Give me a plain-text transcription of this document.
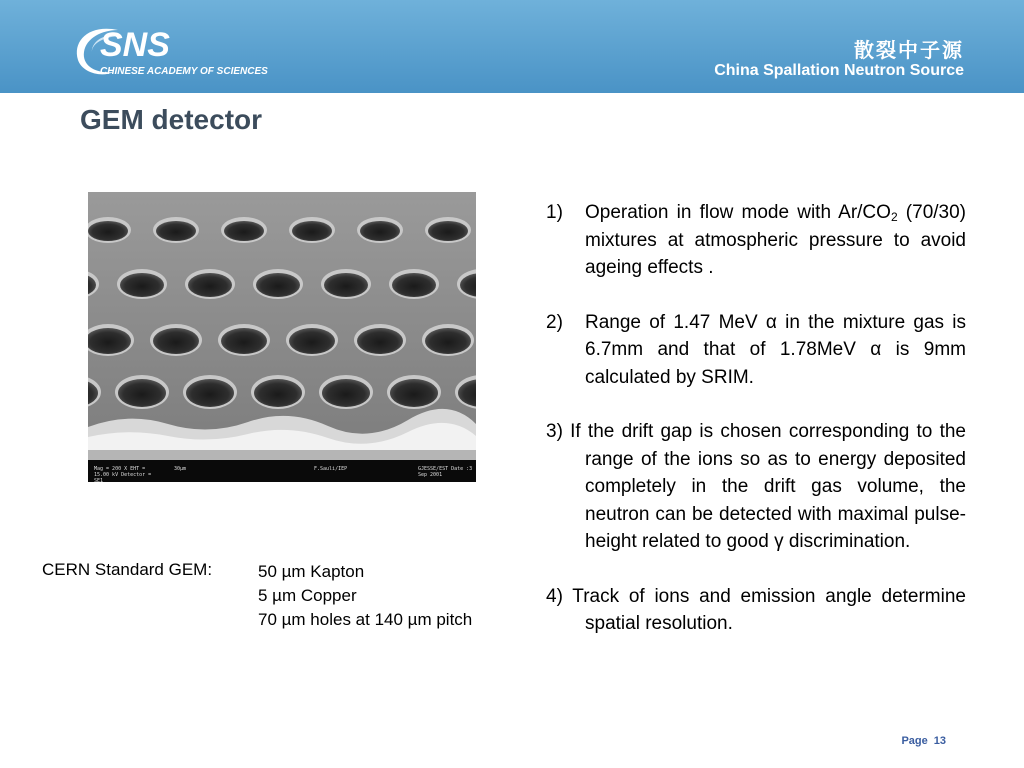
SNS
CHINESE ACADEMY OF SCIENCES
散裂中子源
China Spallation Neutron Source
GEM detector
Mag = 200 X EHT = 15.00 kV Detector = SE1
30µm	F.Sauli/IEP	GJESSE/EST Date :3 Sep 2001
CERN Standard GEM:	50 µm Kapton
5 µm Copper
70 µm holes at 140 µm pitch
1) Operation in flow mode with $Ar/CO_2$ (70/30) mixtures at atmospheric pressure to avoid ageing effects .
2) Range of 1.47 MeV α in the mixture gas is 6.7mm and that of 1.78MeV α is 9mm calculated by SRIM.
3) If the drift gap is chosen corresponding to the range of the ions so as to energy deposited completely in the drift gas volume, the neutron can be detected with maximal pulse-height related to good γ discrimination.
4) Track of ions and emission angle determine spatial resolution.
Page 13
